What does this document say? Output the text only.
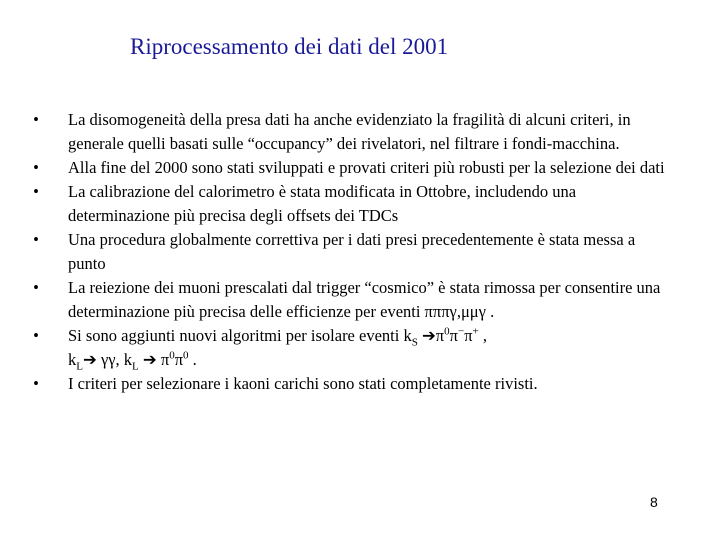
Riprocessamento dei dati del 2001
• La disomogeneità della presa dati ha anche evidenziato la fragilità di alcuni criteri, in generale quelli basati sulle “occupancy” dei rivelatori, nel filtrare i fondi-macchina.
• Alla fine del 2000 sono stati sviluppati e provati criteri più robusti per la selezione dei dati
• La calibrazione del calorimetro è stata modificata in Ottobre, includendo una determinazione più precisa degli offsets dei TDCs
• Una procedura globalmente correttiva per i dati presi precedentemente è stata messa a punto
• La reiezione dei muoni prescalati dal trigger “cosmico” è stata rimossa per consentire una determinazione più precisa delle efficienze per eventi πππγ,μμγ .
• Si sono aggiunti nuovi algoritmi per isolare eventi $k_S$ $➔\pi^0\pi^-\pi^+$ ,
$k_L➔$ γγ, $k_L$ ➔ $\pi^0\pi^0$ .
• I criteri per selezionare i kaoni carichi sono stati completamente rivisti.
8
